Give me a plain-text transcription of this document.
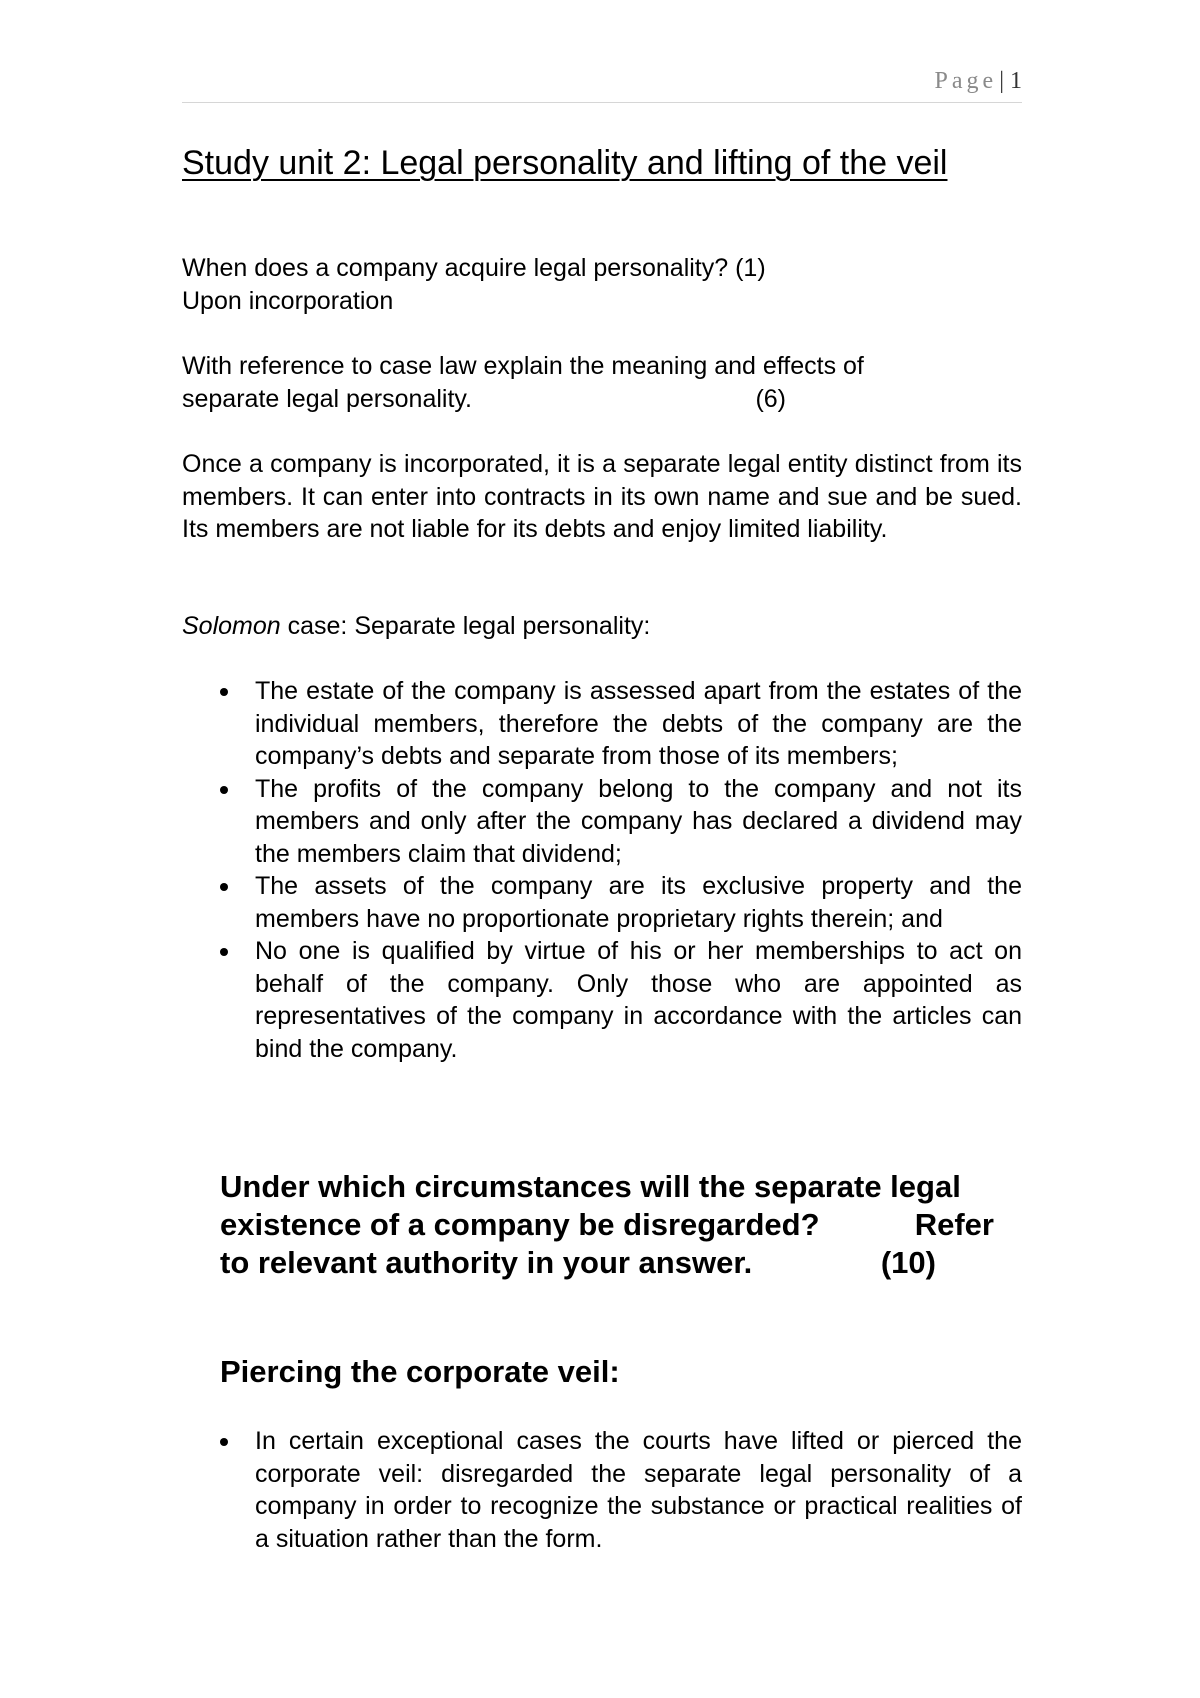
Page| 1
Study unit 2: Legal personality and lifting of the veil
When does a company acquire legal personality? (1)
Upon incorporation
With reference to case law explain the meaning and effects of
separate legal personality.	(6)
Once a company is incorporated, it is a separate legal entity distinct from its members. It can enter into contracts in its own name and sue and be sued. Its members are not liable for its debts and enjoy limited liability.
Solomon case: Separate legal personality:
The estate of the company is assessed apart from the estates of the individual members, therefore the debts of the company are the company’s debts and separate from those of its members;
The profits of the company belong to the company and not its members and only after the company has declared a dividend may the members claim that dividend;
The assets of the company are its exclusive property and the members have no proportionate proprietary rights therein; and
No one is qualified by virtue of his or her memberships to act on behalf of the company. Only those who are appointed as representatives of the company in accordance with the articles can bind the company.
Under which circumstances will the separate legal
existence of a company be disregarded?	Refer
to relevant authority in your answer.	(10)
Piercing the corporate veil:
In certain exceptional cases the courts have lifted or pierced the corporate veil: disregarded the separate legal personality of a company in order to recognize the substance or practical realities of a situation rather than the form.
